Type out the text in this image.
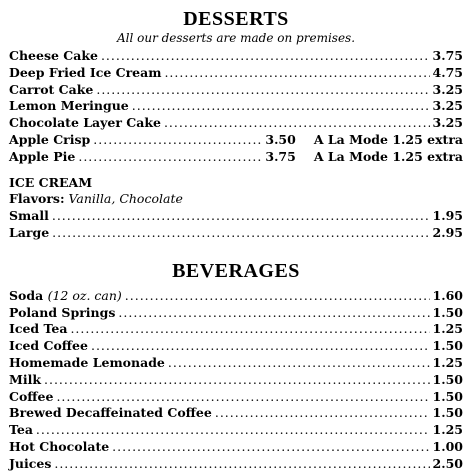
DESSERTS
All our desserts are made on premises.
Cheese Cake .....	3.75
Deep Fried Ice Cream .....	4.75
Carrot Cake .....	3.25
Lemon Meringue .....	3.25
Chocolate Layer Cake .....	3.25
Apple Crisp .....	3.50 A La Mode 1.25 extra
Apple Pie .....	3.75 A La Mode 1.25 extra
ICE CREAM
Flavors: Vanilla, Chocolate
Small .....	1.95
Large .....	2.95
BEVERAGES
Soda (12 oz. can) .....	1.60
Poland Springs .....	1.50
Iced Tea .....	1.25
Iced Coffee .....	1.50
Homemade Lemonade .....	1.25
Milk .....	1.50
Coffee .....	1.50
Brewed Decaffeinated Coffee .....	1.50
Tea .....	1.25
Hot Chocolate .....	1.00
Juices .....	2.50
